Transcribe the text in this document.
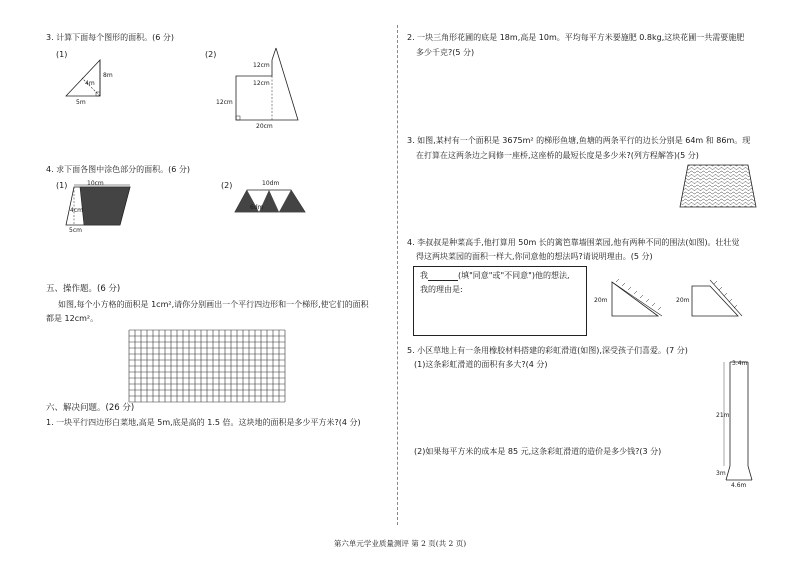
3. 计算下面每个图形的面积。(6 分)
(1)	(2)
4m
8m
5m
12cm
12cm
12cm
20cm
4. 求下面各图中涂色部分的面积。(6 分)
(1)	(2)
10cm
4cm
5cm
10dm
6dm
五、操作题。(6 分)
如图,每个小方格的面积是 1cm²,请你分别画出一个平行四边形和一个梯形,使它们的面积
都是 12cm²。
六、解决问题。(26 分)
1. 一块平行四边形白菜地,高是 5m,底是高的 1.5 倍。这块地的面积是多少平方米?(4 分)
2. 一块三角形花圃的底是 18m,高是 10m。平均每平方米要施肥 0.8kg,这块花圃一共需要施肥
多少千克?(5 分)
3. 如图,某村有一个面积是 3675m² 的梯形鱼塘,鱼塘的两条平行的边长分别是 64m 和 86m。现
在打算在这两条边之间修一座桥,这座桥的最短长度是多少米?(列方程解答)(5 分)
4. 李叔叔是种菜高手,他打算用 50m 长的篱笆靠墙围菜园,他有两种不同的围法(如图)。壮壮觉
得这两块菜园的面积一样大,你同意他的想法吗?请说明理由。(5 分)
我	(填"同意"或"不同意")他的想法,
我的理由是:
20m	20m
5. 小区草地上有一条用橡胶材料搭建的彩虹滑道(如图),深受孩子们喜爱。(7 分)
(1)这条彩虹滑道的面积有多大?(4 分)
(2)如果每平方米的成本是 85 元,这条彩虹滑道的造价是多少钱?(3 分)
3.4m
21m
3m
4.6m
第六单元学业质量测评 第 2 页(共 2 页)
